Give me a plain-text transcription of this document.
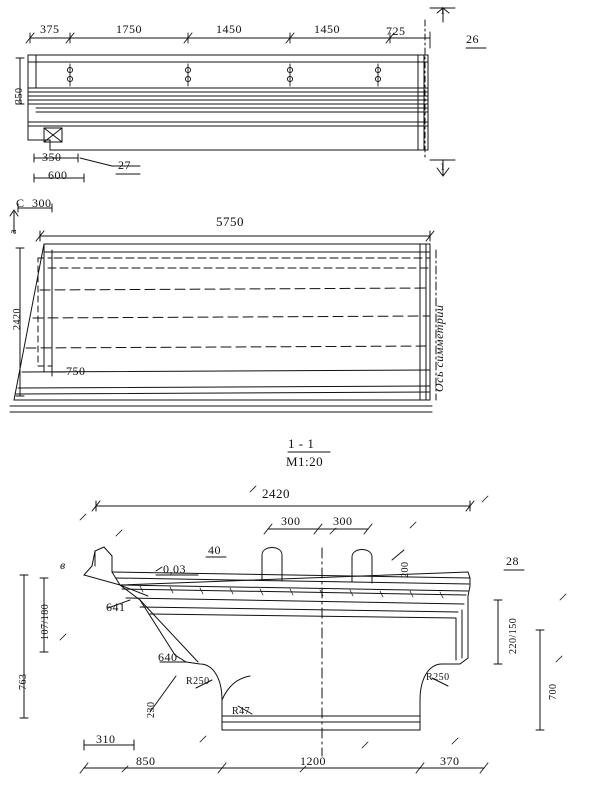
375	1750	1450	1450	725
26
350
350
600
27
1
1
C 300
а
5750
2420
750	Ось симметрии
1 - 1
M1:20
2420
300	300
0,03
40
200
28
220/150
700
763
107/180
в
641
640
230
R250
R47
R250
310
850	1200	370
